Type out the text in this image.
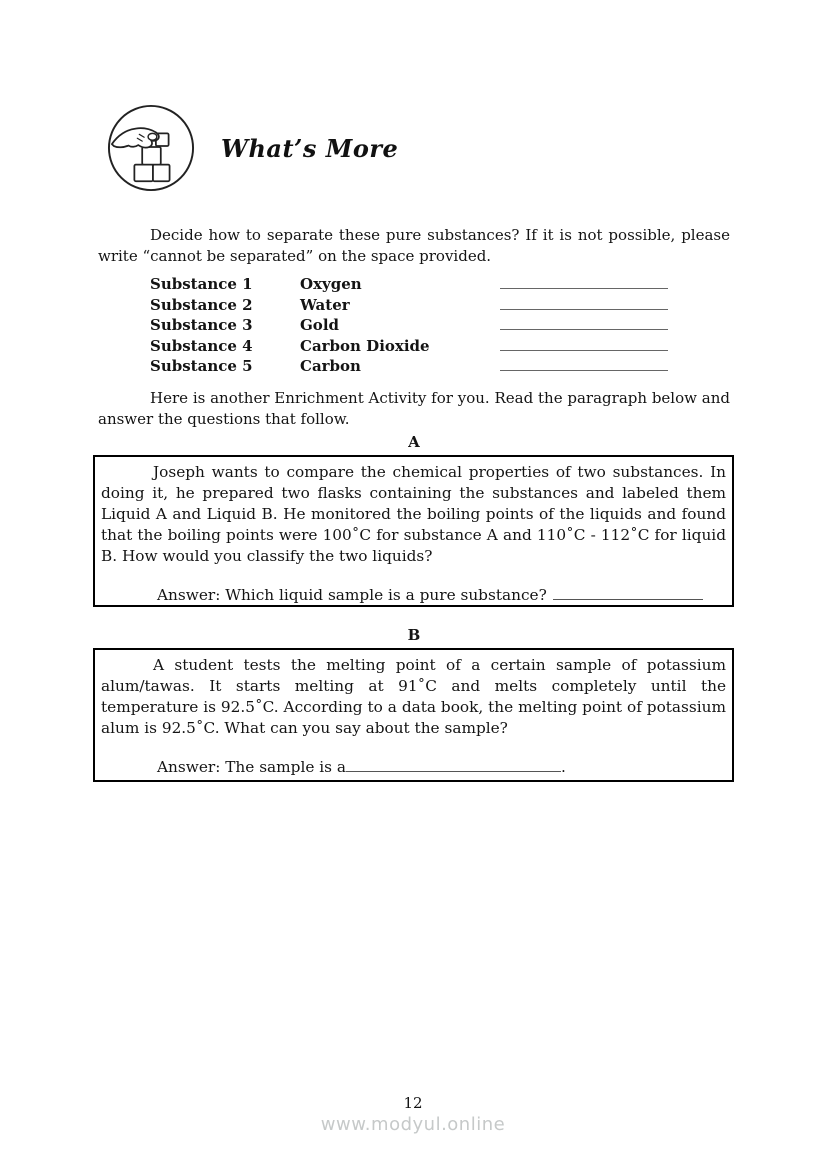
What’s More

Decide how to separate these pure substances? If it is not possible, please write “cannot be separated” on the space provided.

Substance 1	Oxygen
Substance 2	Water
Substance 3	Gold
Substance 4	Carbon Dioxide
Substance 5	Carbon

Here is another Enrichment Activity for you. Read the paragraph below and answer the questions that follow.

A

Joseph wants to compare the chemical properties of two substances. In doing it, he prepared two flasks containing the substances and labeled them Liquid A and Liquid B. He monitored the boiling points of the liquids and found that the boiling points were 100˚C for substance A and 110˚C - 112˚C for liquid B. How would you classify the two liquids?

Answer: Which liquid sample is a pure substance?

B

A student tests the melting point of a certain sample of potassium alum/tawas. It starts melting at 91˚C and melts completely until the temperature is 92.5˚C. According to a data book, the melting point of potassium alum is 92.5˚C. What can you say about the sample?

Answer: The sample is a	.

12

www.modyul.online
